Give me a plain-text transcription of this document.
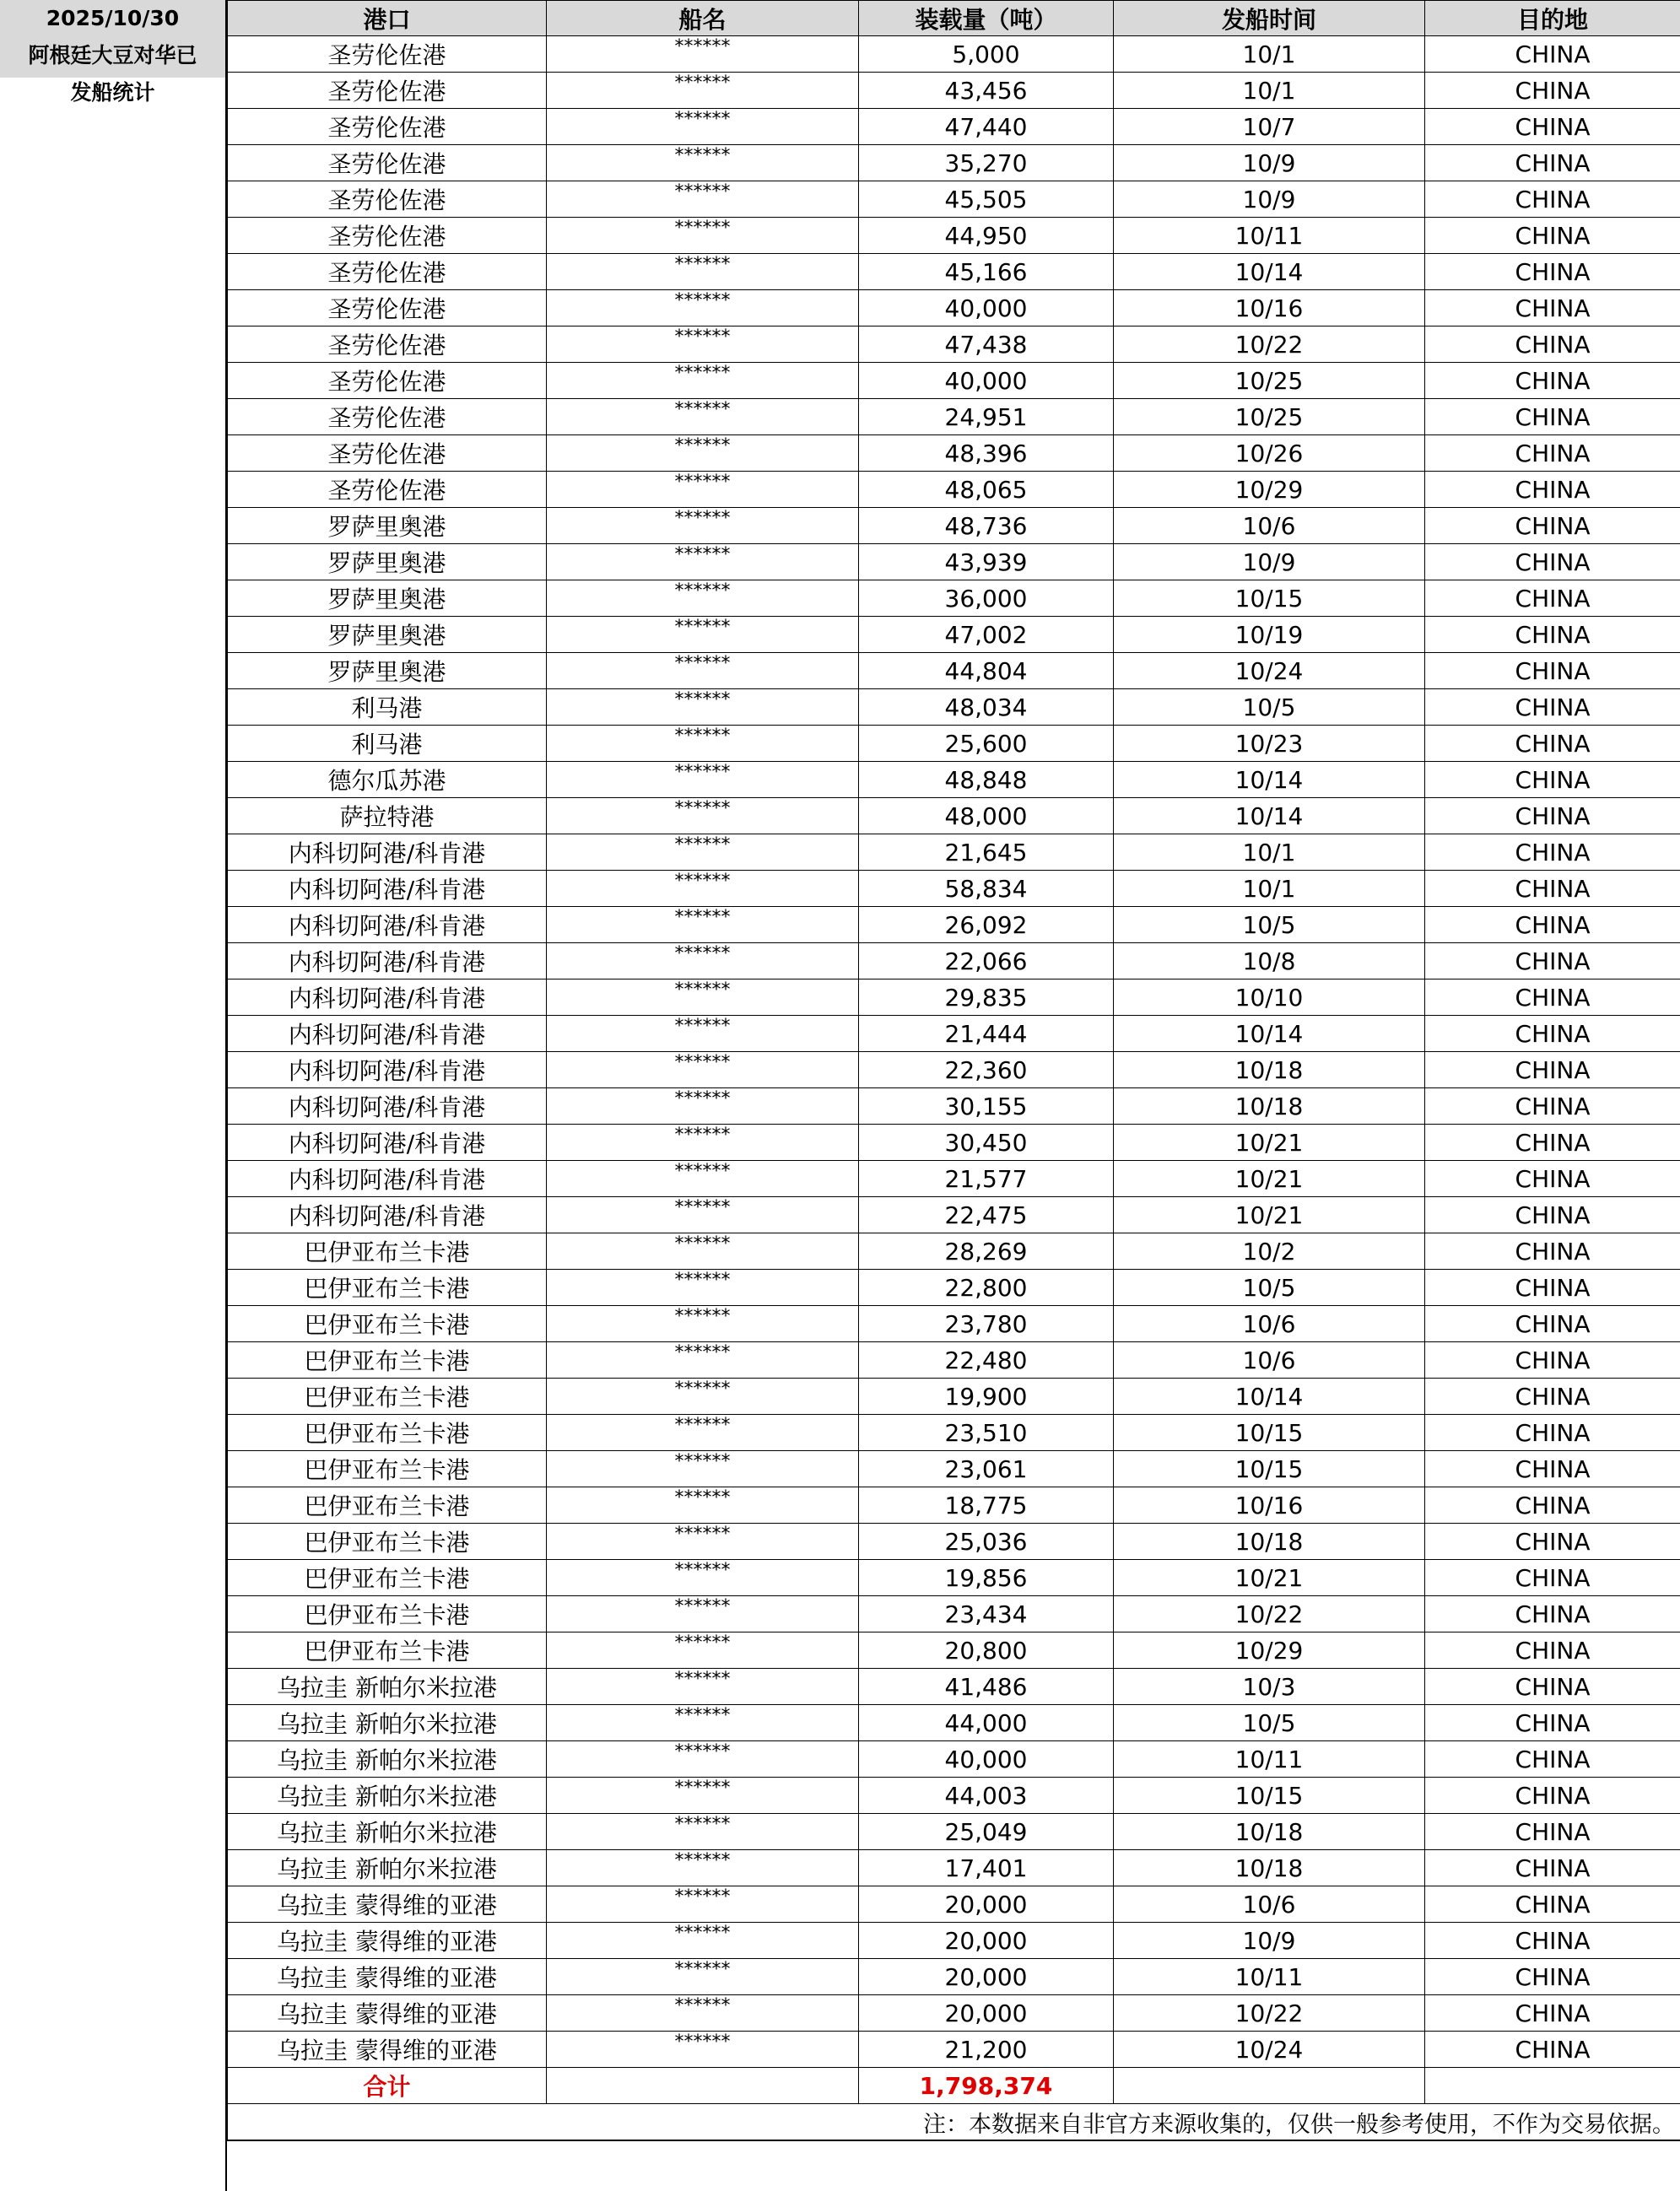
2025/10/30
阿根廷大豆对华已
发船统计
港口	船名	装载量（吨）	发船时间	目的地
圣劳伦佐港	******	5,000	10/1	CHINA
圣劳伦佐港	******	43,456	10/1	CHINA
圣劳伦佐港	******	47,440	10/7	CHINA
圣劳伦佐港	******	35,270	10/9	CHINA
圣劳伦佐港	******	45,505	10/9	CHINA
圣劳伦佐港	******	44,950	10/11	CHINA
圣劳伦佐港	******	45,166	10/14	CHINA
圣劳伦佐港	******	40,000	10/16	CHINA
圣劳伦佐港	******	47,438	10/22	CHINA
圣劳伦佐港	******	40,000	10/25	CHINA
圣劳伦佐港	******	24,951	10/25	CHINA
圣劳伦佐港	******	48,396	10/26	CHINA
圣劳伦佐港	******	48,065	10/29	CHINA
罗萨里奥港	******	48,736	10/6	CHINA
罗萨里奥港	******	43,939	10/9	CHINA
罗萨里奥港	******	36,000	10/15	CHINA
罗萨里奥港	******	47,002	10/19	CHINA
罗萨里奥港	******	44,804	10/24	CHINA
利马港	******	48,034	10/5	CHINA
利马港	******	25,600	10/23	CHINA
德尔瓜苏港	******	48,848	10/14	CHINA
萨拉特港	******	48,000	10/14	CHINA
内科切阿港/科肯港	******	21,645	10/1	CHINA
内科切阿港/科肯港	******	58,834	10/1	CHINA
内科切阿港/科肯港	******	26,092	10/5	CHINA
内科切阿港/科肯港	******	22,066	10/8	CHINA
内科切阿港/科肯港	******	29,835	10/10	CHINA
内科切阿港/科肯港	******	21,444	10/14	CHINA
内科切阿港/科肯港	******	22,360	10/18	CHINA
内科切阿港/科肯港	******	30,155	10/18	CHINA
内科切阿港/科肯港	******	30,450	10/21	CHINA
内科切阿港/科肯港	******	21,577	10/21	CHINA
内科切阿港/科肯港	******	22,475	10/21	CHINA
巴伊亚布兰卡港	******	28,269	10/2	CHINA
巴伊亚布兰卡港	******	22,800	10/5	CHINA
巴伊亚布兰卡港	******	23,780	10/6	CHINA
巴伊亚布兰卡港	******	22,480	10/6	CHINA
巴伊亚布兰卡港	******	19,900	10/14	CHINA
巴伊亚布兰卡港	******	23,510	10/15	CHINA
巴伊亚布兰卡港	******	23,061	10/15	CHINA
巴伊亚布兰卡港	******	18,775	10/16	CHINA
巴伊亚布兰卡港	******	25,036	10/18	CHINA
巴伊亚布兰卡港	******	19,856	10/21	CHINA
巴伊亚布兰卡港	******	23,434	10/22	CHINA
巴伊亚布兰卡港	******	20,800	10/29	CHINA
乌拉圭 新帕尔米拉港	******	41,486	10/3	CHINA
乌拉圭 新帕尔米拉港	******	44,000	10/5	CHINA
乌拉圭 新帕尔米拉港	******	40,000	10/11	CHINA
乌拉圭 新帕尔米拉港	******	44,003	10/15	CHINA
乌拉圭 新帕尔米拉港	******	25,049	10/18	CHINA
乌拉圭 新帕尔米拉港	******	17,401	10/18	CHINA
乌拉圭 蒙得维的亚港	******	20,000	10/6	CHINA
乌拉圭 蒙得维的亚港	******	20,000	10/9	CHINA
乌拉圭 蒙得维的亚港	******	20,000	10/11	CHINA
乌拉圭 蒙得维的亚港	******	20,000	10/22	CHINA
乌拉圭 蒙得维的亚港	******	21,200	10/24	CHINA
合计		1,798,374		
注：本数据来自非官方来源收集的，仅供一般参考使用，不作为交易依据。				
